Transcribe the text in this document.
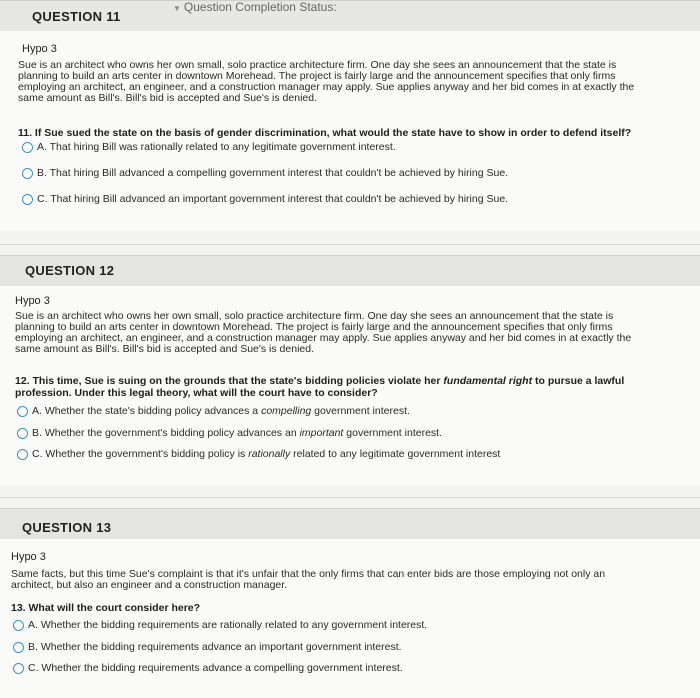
QUESTION 11
▼ Question Completion Status:
Hypo 3
Sue is an architect who owns her own small, solo practice architecture firm. One day she sees an announcement that the state is
planning to build an arts center in downtown Morehead. The project is fairly large and the announcement specifies that only firms
employing an architect, an engineer, and a construction manager may apply. Sue applies anyway and her bid comes in at exactly the
same amount as Bill's. Bill's bid is accepted and Sue's is denied.
11. If Sue sued the state on the basis of gender discrimination, what would the state have to show in order to defend itself?
A. That hiring Bill was rationally related to any legitimate government interest.
B. That hiring Bill advanced a compelling government interest that couldn't be achieved by hiring Sue.
C. That hiring Bill advanced an important government interest that couldn't be achieved by hiring Sue.
QUESTION 12
Hypo 3
Sue is an architect who owns her own small, solo practice architecture firm. One day she sees an announcement that the state is
planning to build an arts center in downtown Morehead. The project is fairly large and the announcement specifies that only firms
employing an architect, an engineer, and a construction manager may apply. Sue applies anyway and her bid comes in at exactly the
same amount as Bill's. Bill's bid is accepted and Sue's is denied.
12. This time, Sue is suing on the grounds that the state's bidding policies violate her fundamental right to pursue a lawful
profession. Under this legal theory, what will the court have to consider?
A. Whether the state's bidding policy advances a compelling government interest.
B. Whether the government's bidding policy advances an important government interest.
C. Whether the government's bidding policy is rationally related to any legitimate government interest
QUESTION 13
Hypo 3
Same facts, but this time Sue's complaint is that it's unfair that the only firms that can enter bids are those employing not only an
architect, but also an engineer and a construction manager.
13. What will the court consider here?
A. Whether the bidding requirements are rationally related to any government interest.
B. Whether the bidding requirements advance an important government interest.
C. Whether the bidding requirements advance a compelling government interest.
